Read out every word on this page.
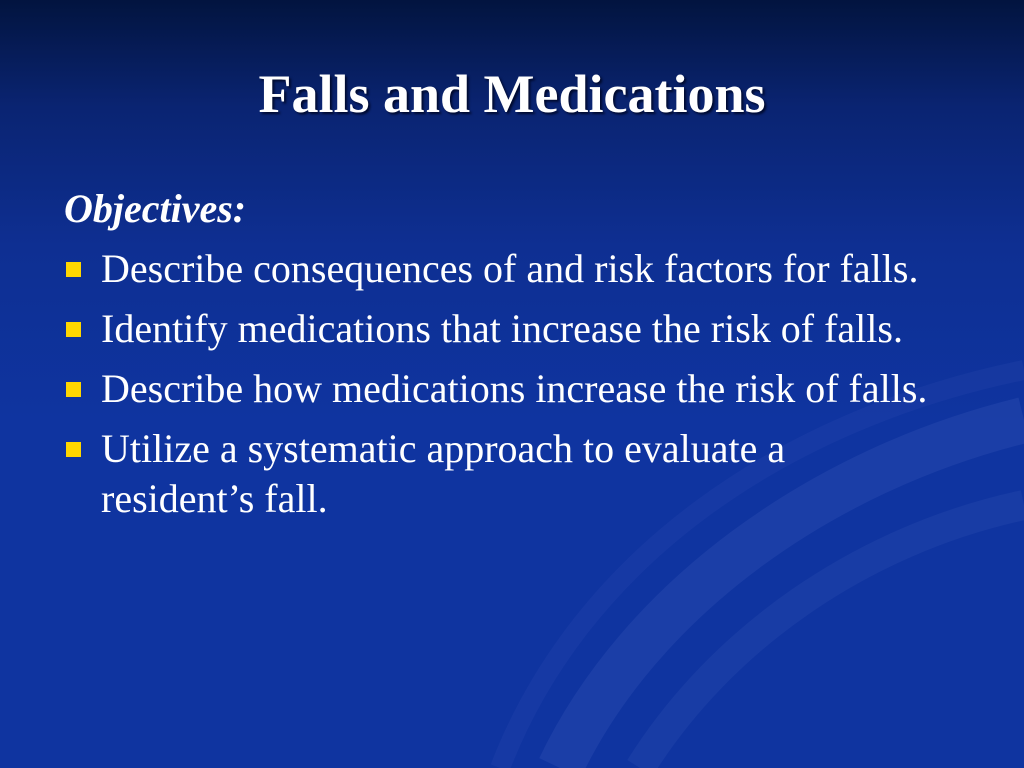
Falls and Medications
Objectives:
Describe consequences of and risk factors for falls.
Identify medications that increase the risk of falls.
Describe how medications increase the risk of falls.
Utilize a systematic approach to evaluate a resident’s fall.
